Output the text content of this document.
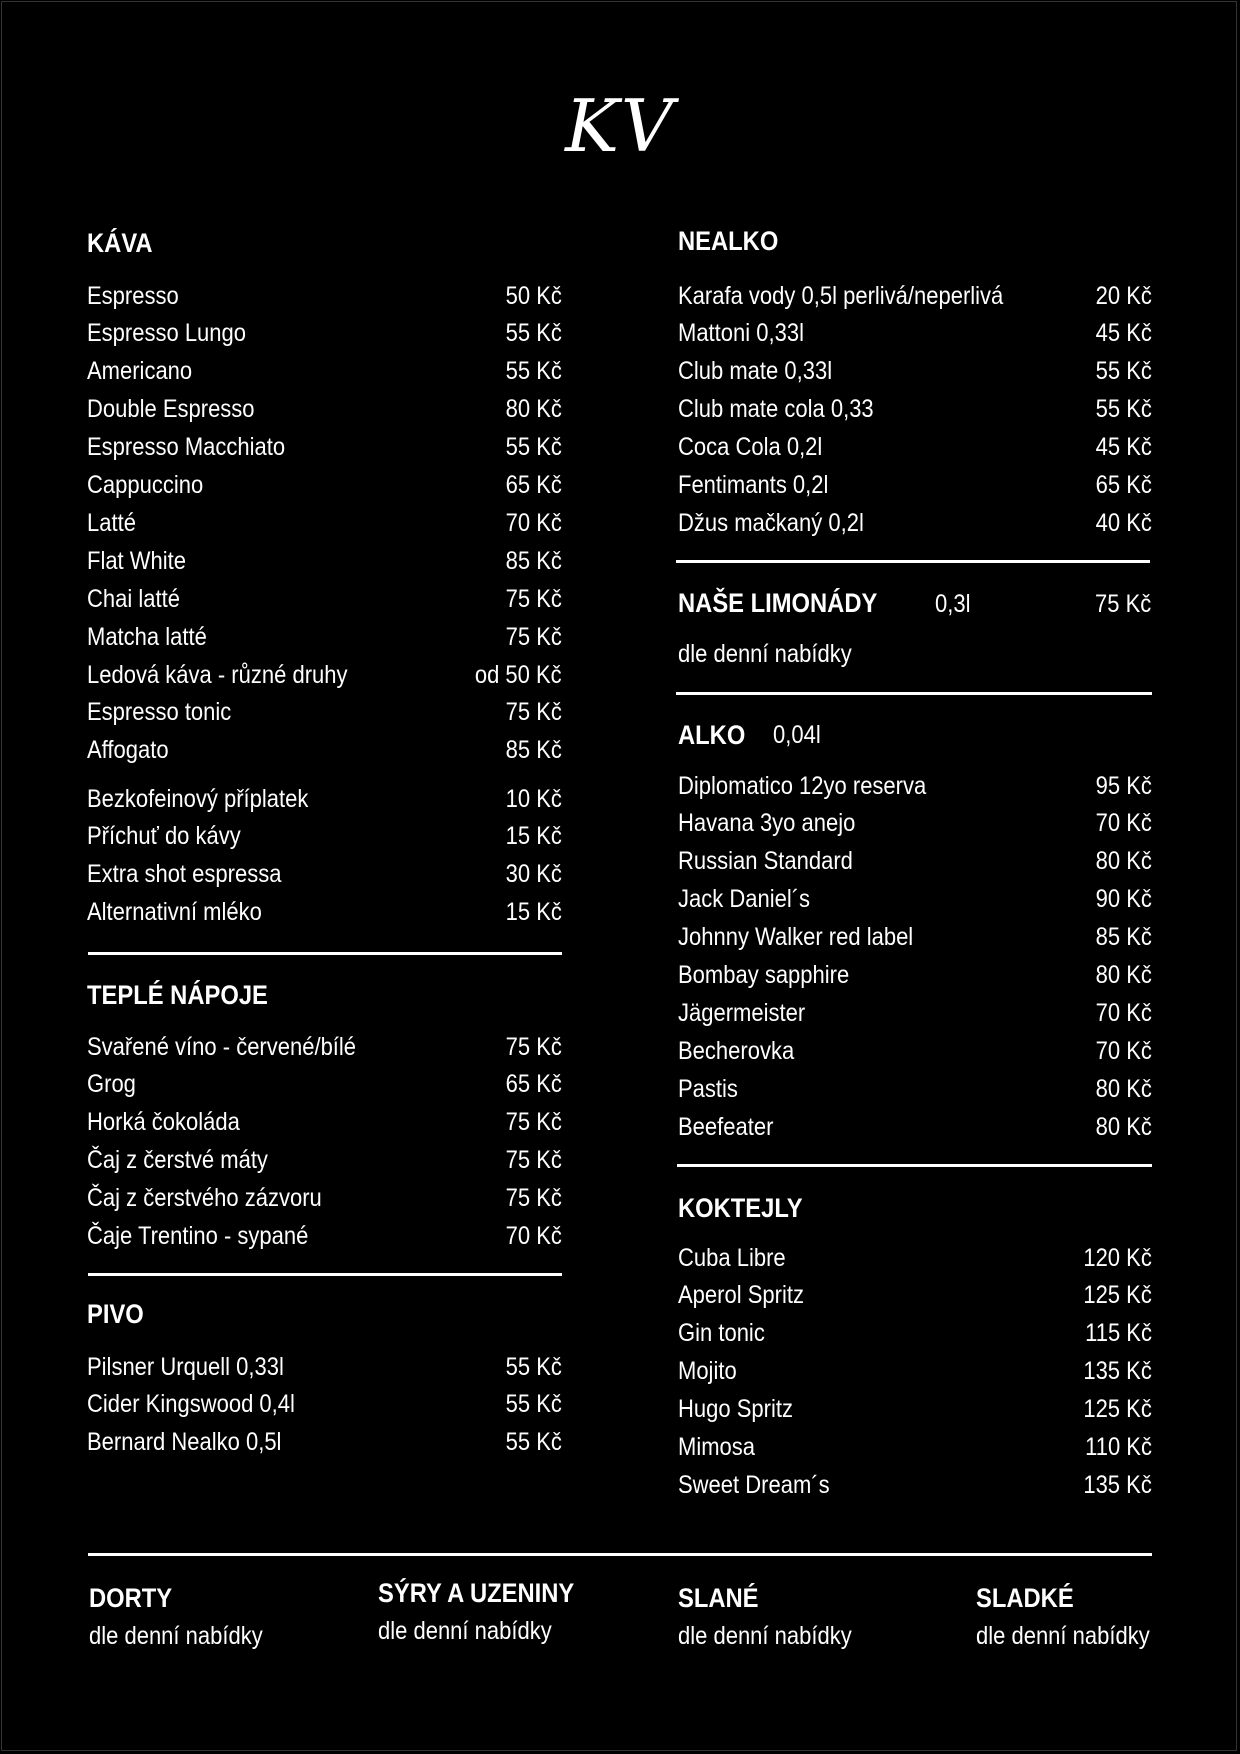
KV
KÁVA
Espresso	50 Kč
Espresso Lungo	55 Kč
Americano	55 Kč
Double Espresso	80 Kč
Espresso Macchiato	55 Kč
Cappuccino	65 Kč
Latté	70 Kč
Flat White	85 Kč
Chai latté	75 Kč
Matcha latté	75 Kč
Ledová káva - různé druhy	od 50 Kč
Espresso tonic	75 Kč
Affogato	85 Kč
Bezkofeinový příplatek	10 Kč
Příchuť do kávy	15 Kč
Extra shot espressa	30 Kč
Alternativní mléko	15 Kč
TEPLÉ NÁPOJE
Svařené víno - červené/bílé	75 Kč
Grog	65 Kč
Horká čokoláda	75 Kč
Čaj z čerstvé máty	75 Kč
Čaj z čerstvého zázvoru	75 Kč
Čaje Trentino - sypané	70 Kč
PIVO
Pilsner Urquell 0,33l	55 Kč
Cider Kingswood 0,4l	55 Kč
Bernard Nealko 0,5l	55 Kč
NEALKO
Karafa vody 0,5l perlivá/neperlivá	20 Kč
Mattoni 0,33l	45 Kč
Club mate 0,33l	55 Kč
Club mate cola 0,33	55 Kč
Coca Cola 0,2l	45 Kč
Fentimants 0,2l	65 Kč
Džus mačkaný 0,2l	40 Kč
NAŠE LIMONÁDY 0,3l	75 Kč
dle denní nabídky
ALKO 0,04l
Diplomatico 12yo reserva	95 Kč
Havana 3yo anejo	70 Kč
Russian Standard	80 Kč
Jack Daniel´s	90 Kč
Johnny Walker red label	85 Kč
Bombay sapphire	80 Kč
Jägermeister	70 Kč
Becherovka	70 Kč
Pastis	80 Kč
Beefeater	80 Kč
KOKTEJLY
Cuba Libre	120 Kč
Aperol Spritz	125 Kč
Gin tonic	115 Kč
Mojito	135 Kč
Hugo Spritz	125 Kč
Mimosa	110 Kč
Sweet Dream´s	135 Kč
DORTY
dle denní nabídky
SÝRY A UZENINY
dle denní nabídky
SLANÉ
dle denní nabídky
SLADKÉ
dle denní nabídky
